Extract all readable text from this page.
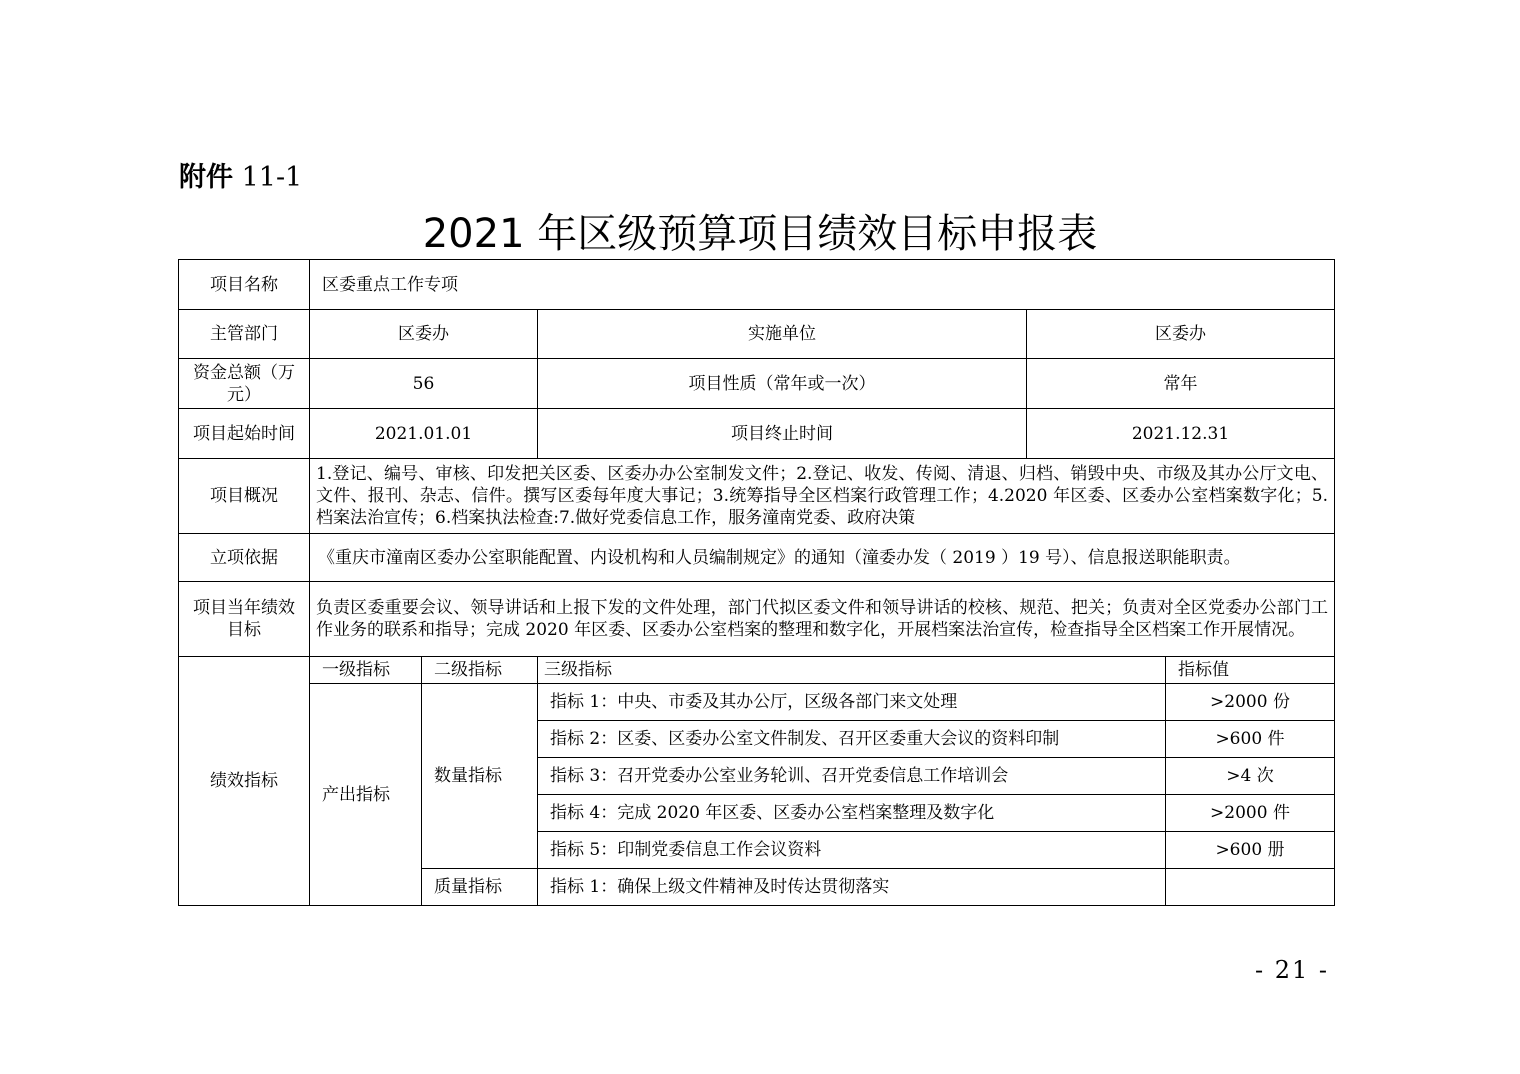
附件 11-1
2021 年区级预算项目绩效目标申报表
项目名称	区委重点工作专项				
主管部门	区委办		实施单位	区委办	
资金总额（万元）	56		项目性质（常年或一次）	常年	
项目起始时间	2021.01.01		项目终止时间	2021.12.31	
项目概况	1.登记、编号、审核、印发把关区委、区委办办公室制发文件；2.登记、收发、传阅、清退、归档、销毁中央、市级及其办公厅文电、文件、报刊、杂志、信件。撰写区委每年度大事记；3.统筹指导全区档案行政管理工作；4.2020 年区委、区委办公室档案数字化；5.档案法治宣传；6.档案执法检查:7.做好党委信息工作，服务潼南党委、政府决策				
立项依据	《重庆市潼南区委办公室职能配置、内设机构和人员编制规定》的通知（潼委办发（ 2019 ）19 号）、信息报送职能职责。				
项目当年绩效目标	负责区委重要会议、领导讲话和上报下发的文件处理，部门代拟区委文件和领导讲话的校核、规范、把关；负责对全区党委办公部门工作业务的联系和指导；完成 2020 年区委、区委办公室档案的整理和数字化，开展档案法治宣传，检查指导全区档案工作开展情况。				
绩效指标	一级指标	二级指标	三级指标		指标值
	产出指标	数量指标	指标 1：中央、市委及其办公厅，区级各部门来文处理		>2000 份
			指标 2：区委、区委办公室文件制发、召开区委重大会议的资料印制		>600 件
			指标 3：召开党委办公室业务轮训、召开党委信息工作培训会		>4 次
			指标 4：完成 2020 年区委、区委办公室档案整理及数字化		>2000 件
			指标 5：印制党委信息工作会议资料		>600 册
		质量指标	指标 1：确保上级文件精神及时传达贯彻落实		
- 21 -
